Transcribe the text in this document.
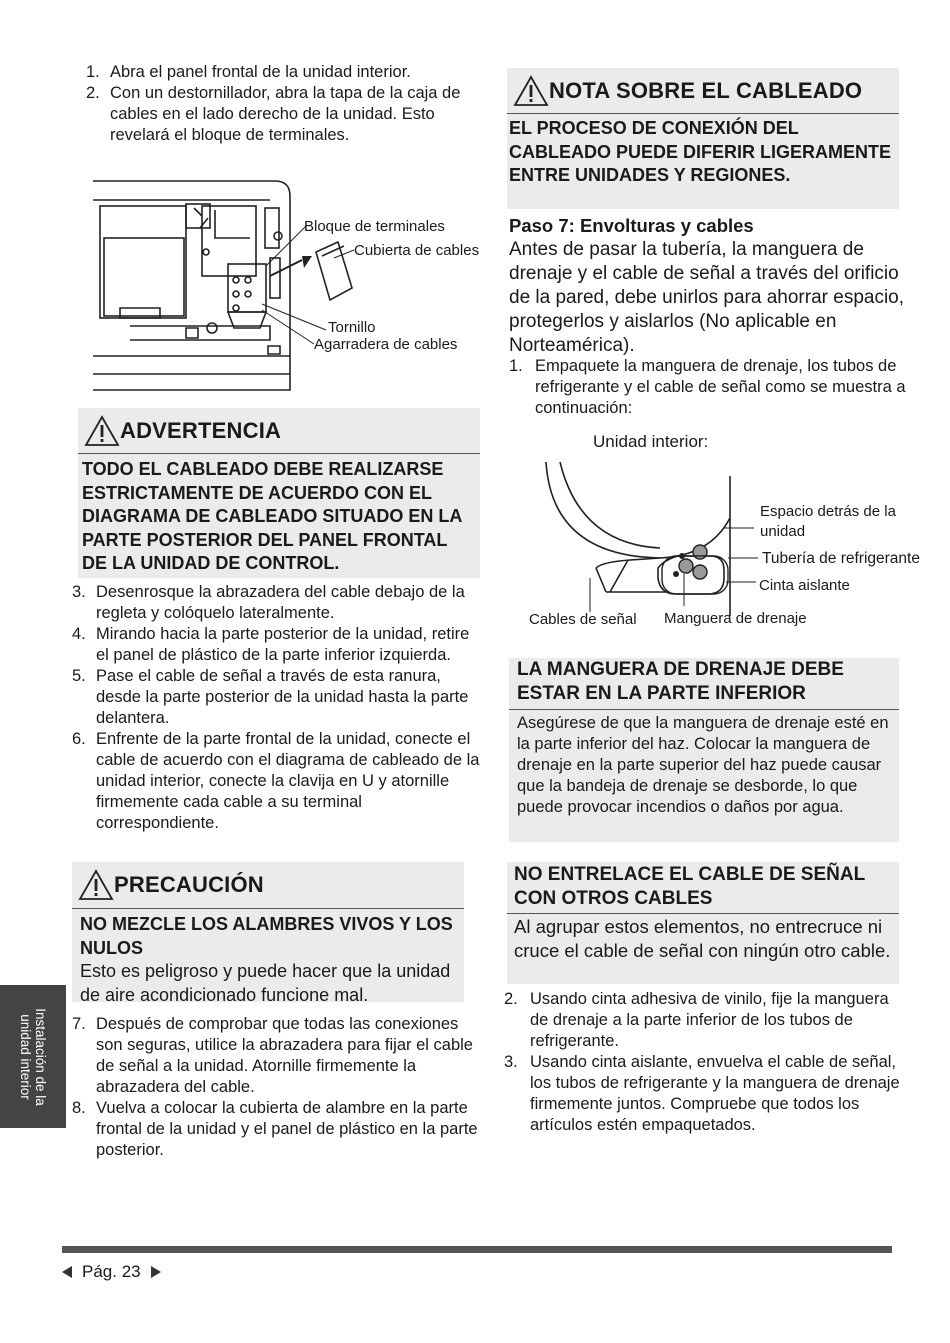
1. Abra el panel frontal de la unidad interior.
2. Con un destornillador, abra la tapa de la caja de cables en el lado derecho de la unidad. Esto revelará el bloque de terminales.
Bloque de terminales
Cubierta de cables
Tornillo
Agarradera de cables
ADVERTENCIA
TODO EL CABLEADO DEBE REALIZARSE ESTRICTAMENTE DE ACUERDO CON EL DIAGRAMA DE CABLEADO SITUADO EN LA PARTE POSTERIOR DEL PANEL FRONTAL DE LA UNIDAD DE CONTROL.
3. Desenrosque la abrazadera del cable debajo de la regleta y colóquelo lateralmente.
4. Mirando hacia la parte posterior de la unidad, retire el panel de plástico de la parte inferior izquierda.
5. Pase el cable de señal a través de esta ranura, desde la parte posterior de la unidad hasta la parte delantera.
6. Enfrente de la parte frontal de la unidad, conecte el cable de acuerdo con el diagrama de cableado de la unidad interior, conecte la clavija en U y atornille firmemente cada cable a su terminal correspondiente.
PRECAUCIÓN
NO MEZCLE LOS ALAMBRES VIVOS Y LOS NULOS
Esto es peligroso y puede hacer que la unidad de aire acondicionado funcione mal.
7. Después de comprobar que todas las conexiones son seguras, utilice la abrazadera para fijar el cable de señal a la unidad. Atornille firmemente la abrazadera del cable.
8. Vuelva a colocar la cubierta de alambre en la parte frontal de la unidad y el panel de plástico en la parte posterior.
NOTA SOBRE EL CABLEADO
EL PROCESO DE CONEXIÓN DEL CABLEADO PUEDE DIFERIR LIGERAMENTE ENTRE UNIDADES Y REGIONES.
Paso 7: Envolturas y cables
Antes de pasar la tubería, la manguera de drenaje y el cable de señal a través del orificio de la pared, debe unirlos para ahorrar espacio, protegerlos y aislarlos (No aplicable en Norteamérica).
1. Empaquete la manguera de drenaje, los tubos de refrigerante y el cable de señal como se muestra a continuación:
Unidad interior:
Espacio detrás de la unidad
Tubería de refrigerante
Cinta aislante
Cables de señal Manguera de drenaje
LA MANGUERA DE DRENAJE DEBE ESTAR EN LA PARTE INFERIOR
Asegúrese de que la manguera de drenaje esté en la parte inferior del haz. Colocar la manguera de drenaje en la parte superior del haz puede causar que la bandeja de drenaje se desborde, lo que puede provocar incendios o daños por agua.
NO ENTRELACE EL CABLE DE SEÑAL CON OTROS CABLES
Al agrupar estos elementos, no entrecruce ni cruce el cable de señal con ningún otro cable.
2. Usando cinta adhesiva de vinilo, fije la manguera de drenaje a la parte inferior de los tubos de refrigerante.
3. Usando cinta aislante, envuelva el cable de señal, los tubos de refrigerante y la manguera de drenaje firmemente juntos. Compruebe que todos los artículos estén empaquetados.
Instalación de la
unidad interior
Pág. 23
